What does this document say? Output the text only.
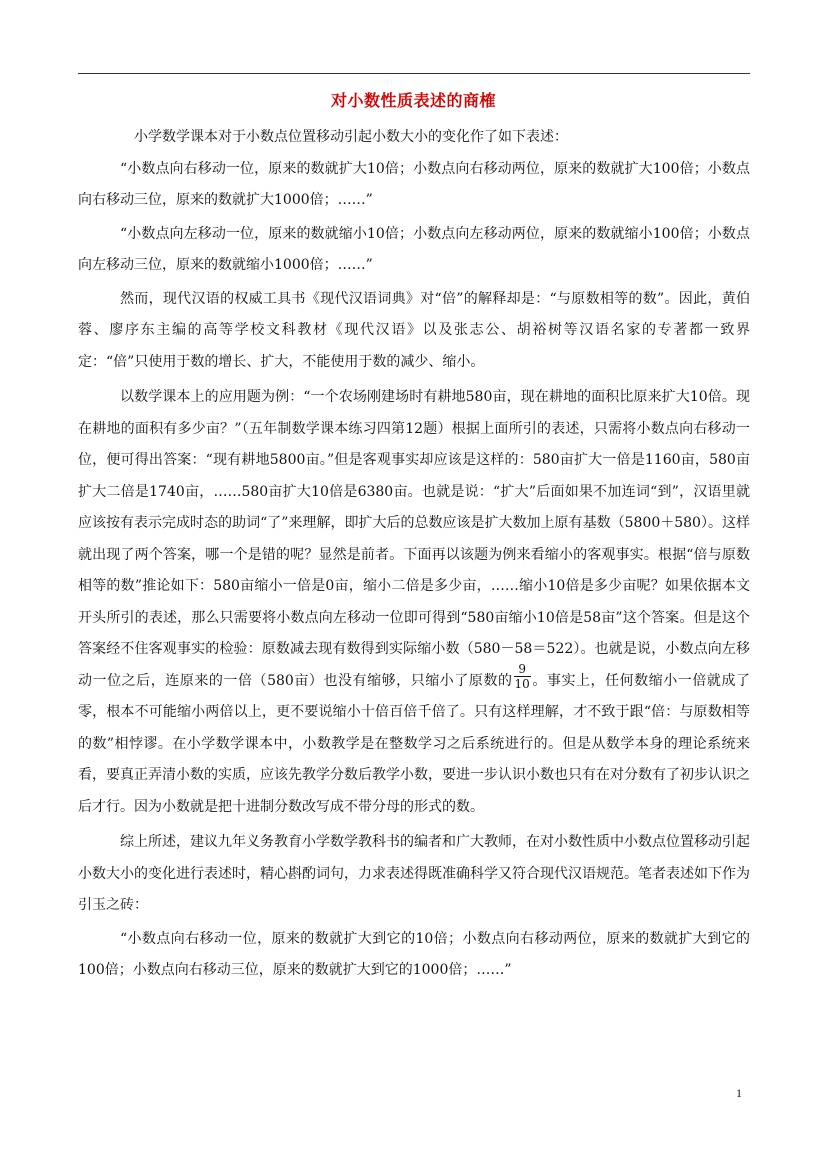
对小数性质表述的商榷

小学数学课本对于小数点位置移动引起小数大小的变化作了如下表述：

“小数点向右移动一位，原来的数就扩大10倍；小数点向右移动两位，原来的数就扩大100倍；小数点向右移动三位，原来的数就扩大1000倍；……”

“小数点向左移动一位，原来的数就缩小10倍；小数点向左移动两位，原来的数就缩小100倍；小数点向左移动三位，原来的数就缩小1000倍；……”

然而，现代汉语的权威工具书《现代汉语词典》对“倍”的解释却是：“与原数相等的数”。因此，黄伯蓉、廖序东主编的高等学校文科教材《现代汉语》以及张志公、胡裕树等汉语名家的专著都一致界定：“倍”只使用于数的增长、扩大，不能使用于数的减少、缩小。

以数学课本上的应用题为例：“一个农场刚建场时有耕地580亩，现在耕地的面积比原来扩大10倍。现在耕地的面积有多少亩？”（五年制数学课本练习四第12题）根据上面所引的表述，只需将小数点向右移动一位，便可得出答案：“现有耕地5800亩。”但是客观事实却应该是这样的：580亩扩大一倍是1160亩，580亩扩大二倍是1740亩，……580亩扩大10倍是6380亩。也就是说：“扩大”后面如果不加连词“到”，汉语里就应该按有表示完成时态的助词“了”来理解，即扩大后的总数应该是扩大数加上原有基数（5800＋580）。这样就出现了两个答案，哪一个是错的呢？显然是前者。下面再以该题为例来看缩小的客观事实。根据“倍与原数相等的数”推论如下：580亩缩小一倍是0亩，缩小二倍是多少亩，……缩小10倍是多少亩呢？如果依据本文开头所引的表述，那么只需要将小数点向左移动一位即可得到“580亩缩小10倍是58亩”这个答案。但是这个答案经不住客观事实的检验：原数减去现有数得到实际缩小数（580－58＝522）。也就是说，小数点向左移动一位之后，连原来的一倍（580亩）也没有缩够，只缩小了原数的 $\frac{9}{10}$ 。事实上，任何数缩小一倍就成了零，根本不可能缩小两倍以上，更不要说缩小十倍百倍千倍了。只有这样理解，才不致于跟“倍：与原数相等的数”相悖谬。在小学数学课本中，小数教学是在整数学习之后系统进行的。但是从数学本身的理论系统来看，要真正弄清小数的实质，应该先教学分数后教学小数，要进一步认识小数也只有在对分数有了初步认识之后才行。因为小数就是把十进制分数改写成不带分母的形式的数。

综上所述，建议九年义务教育小学数学教科书的编者和广大教师，在对小数性质中小数点位置移动引起小数大小的变化进行表述时，精心斟酌词句，力求表述得既准确科学又符合现代汉语规范。笔者表述如下作为引玉之砖：

“小数点向右移动一位，原来的数就扩大到它的10倍；小数点向右移动两位，原来的数就扩大到它的100倍；小数点向右移动三位，原来的数就扩大到它的1000倍；……”

1
